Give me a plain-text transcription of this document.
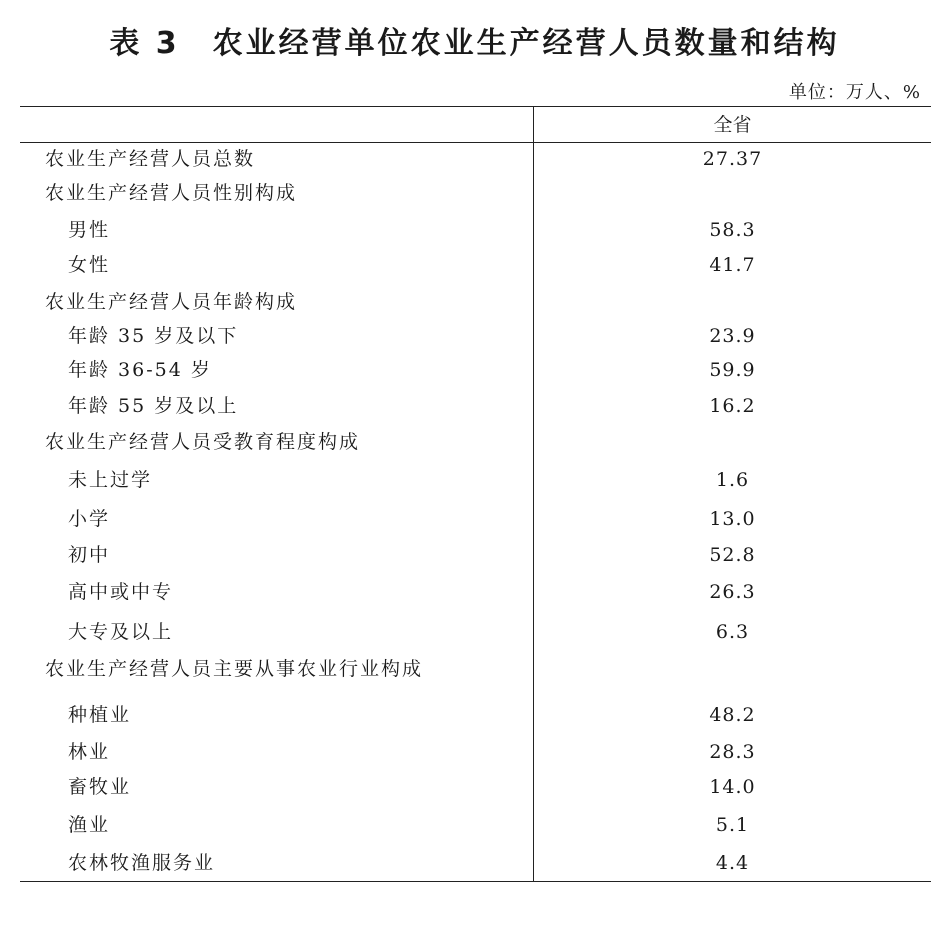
表 3　农业经营单位农业生产经营人员数量和结构
单位：万人、%
全省
农业生产经营人员总数	27.37
农业生产经营人员性别构成
男性	58.3
女性	41.7
农业生产经营人员年龄构成
年龄 35 岁及以下	23.9
年龄 36-54 岁	59.9
年龄 55 岁及以上	16.2
农业生产经营人员受教育程度构成
未上过学	1.6
小学	13.0
初中	52.8
高中或中专	26.3
大专及以上	6.3
农业生产经营人员主要从事农业行业构成
种植业	48.2
林业	28.3
畜牧业	14.0
渔业	5.1
农林牧渔服务业	4.4
